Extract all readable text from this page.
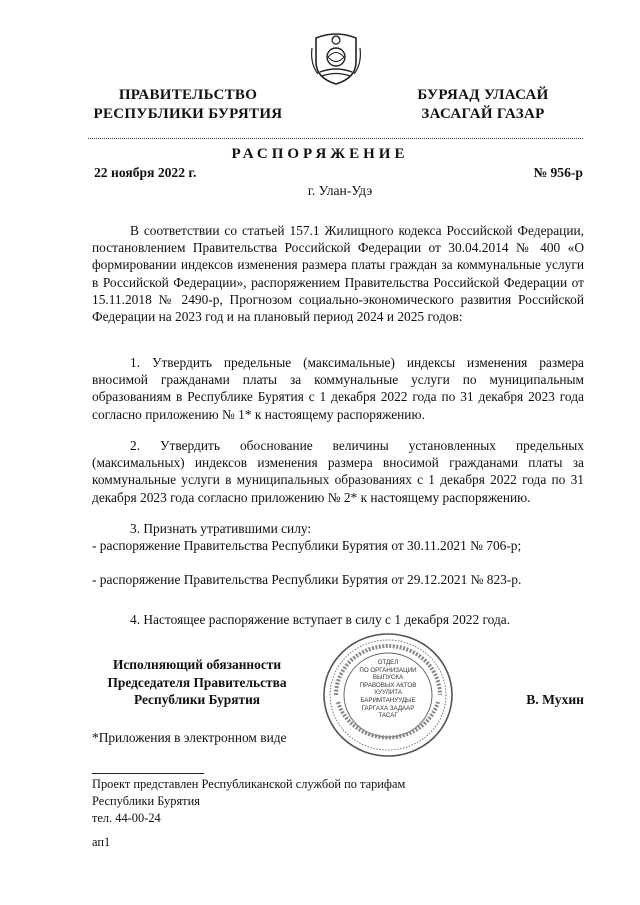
ПРАВИТЕЛЬСТВО
РЕСПУБЛИКИ БУРЯТИЯ
БУРЯАД УЛАСАЙ
ЗАСАГАЙ ГАЗАР
РАСПОРЯЖЕНИЕ
22 ноября 2022 г.	№ 956-р
г. Улан-Удэ
В соответствии со статьей 157.1 Жилищного кодекса Российской Федерации, постановлением Правительства Российской Федерации от 30.04.2014 № 400 «О формировании индексов изменения размера платы граждан за коммунальные услуги в Российской Федерации», распоряжением Правительства Российской Федерации от 15.11.2018 № 2490-р, Прогнозом социально-экономического развития Российской Федерации на 2023 год и на плановый период 2024 и 2025 годов:
1. Утвердить предельные (максимальные) индексы изменения размера вносимой гражданами платы за коммунальные услуги по муниципальным образованиям в Республике Бурятия с 1 декабря 2022 года по 31 декабря 2023 года согласно приложению № 1* к настоящему распоряжению.
2. Утвердить обоснование величины установленных предельных (максимальных) индексов изменения размера вносимой гражданами платы за коммунальные услуги в муниципальных образованиях с 1 декабря 2022 года по 31 декабря 2023 года согласно приложению № 2* к настоящему распоряжению.
3. Признать утратившими силу:
- распоряжение Правительства Республики Бурятия от 30.11.2021 № 706-р;
- распоряжение Правительства Республики Бурятия от 29.12.2021 № 823-р.
4. Настоящее распоряжение вступает в силу с 1 декабря 2022 года.
Исполняющий обязанности
Председателя Правительства
Республики Бурятия
ОТДЕЛ
ПО ОРГАНИЗАЦИИ
ВЫПУСКА
ПРАВОВЫХ АКТОВ
ХУУЛИТА
БАРИМТАНУУДЫЕ
ГАРГАХА ЗАДААР
ТАСАГ
В. Мухин
*Приложения в электронном виде
Проект представлен Республиканской службой по тарифам
Республики Бурятия
тел. 44-00-24
ап1
